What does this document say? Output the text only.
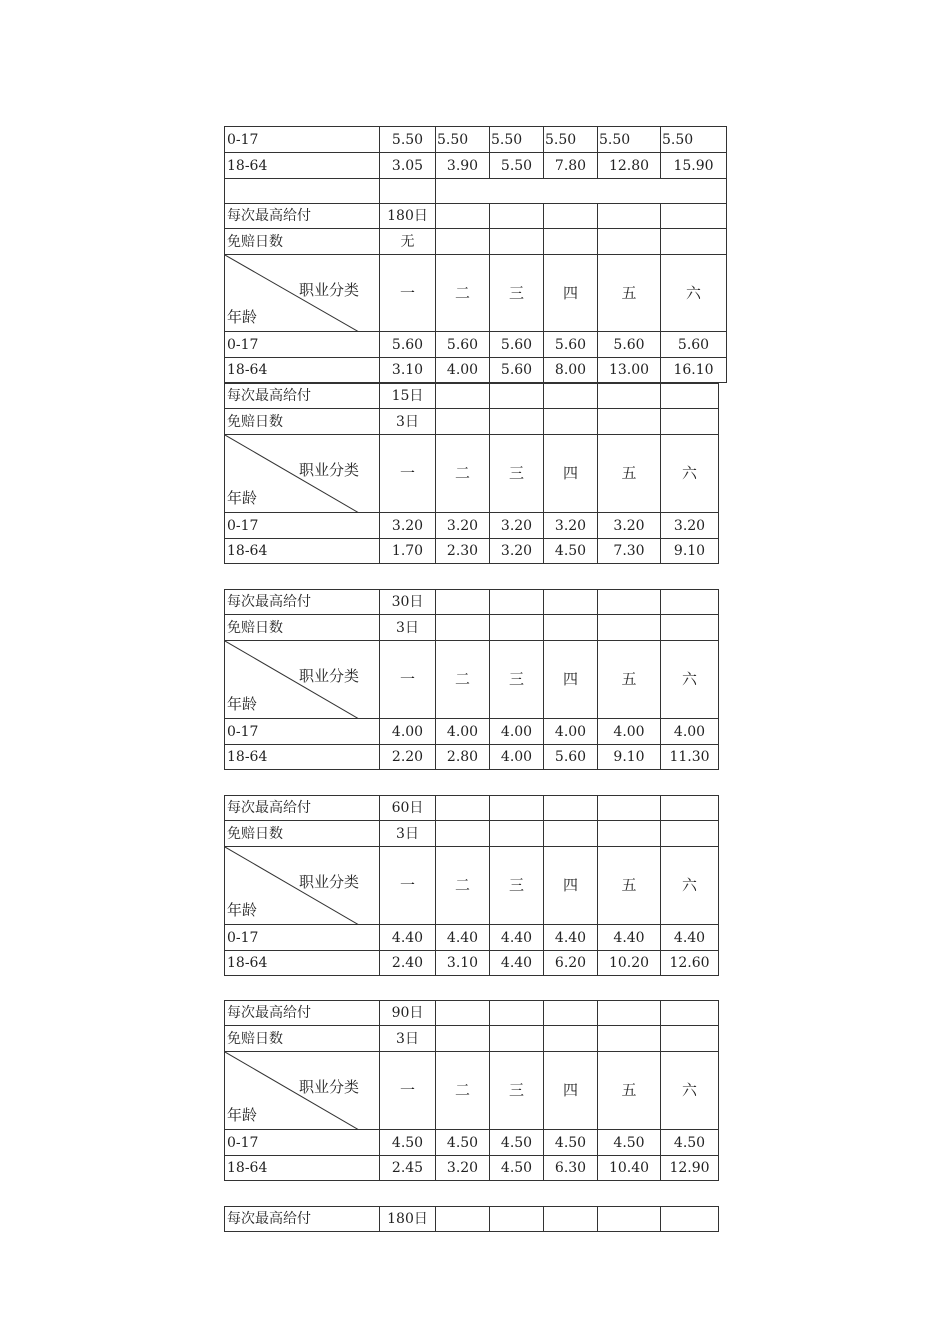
0-17	5.50	5.50	5.50	5.50	5.50	5.50
18-64	3.05	3.90	5.50	7.80	12.80	15.90

每次最高给付	180日					
免赔日数	无					

职业分类
年龄	一	二	三	四	五	六
0-17	5.60	5.60	5.60	5.60	5.60	5.60
18-64	3.10	4.00	5.60	8.00	13.00	16.10
每次最高给付	15日					
免赔日数	3日					

职业分类
年龄	一	二	三	四	五	六
0-17	3.20	3.20	3.20	3.20	3.20	3.20
18-64	1.70	2.30	3.20	4.50	7.30	9.10
每次最高给付	30日					
免赔日数	3日					

职业分类
年龄	一	二	三	四	五	六
0-17	4.00	4.00	4.00	4.00	4.00	4.00
18-64	2.20	2.80	4.00	5.60	9.10	11.30
每次最高给付	60日					
免赔日数	3日					

职业分类
年龄	一	二	三	四	五	六
0-17	4.40	4.40	4.40	4.40	4.40	4.40
18-64	2.40	3.10	4.40	6.20	10.20	12.60
每次最高给付	90日					
免赔日数	3日					

职业分类
年龄	一	二	三	四	五	六
0-17	4.50	4.50	4.50	4.50	4.50	4.50
18-64	2.45	3.20	4.50	6.30	10.40	12.90
每次最高给付	180日					
